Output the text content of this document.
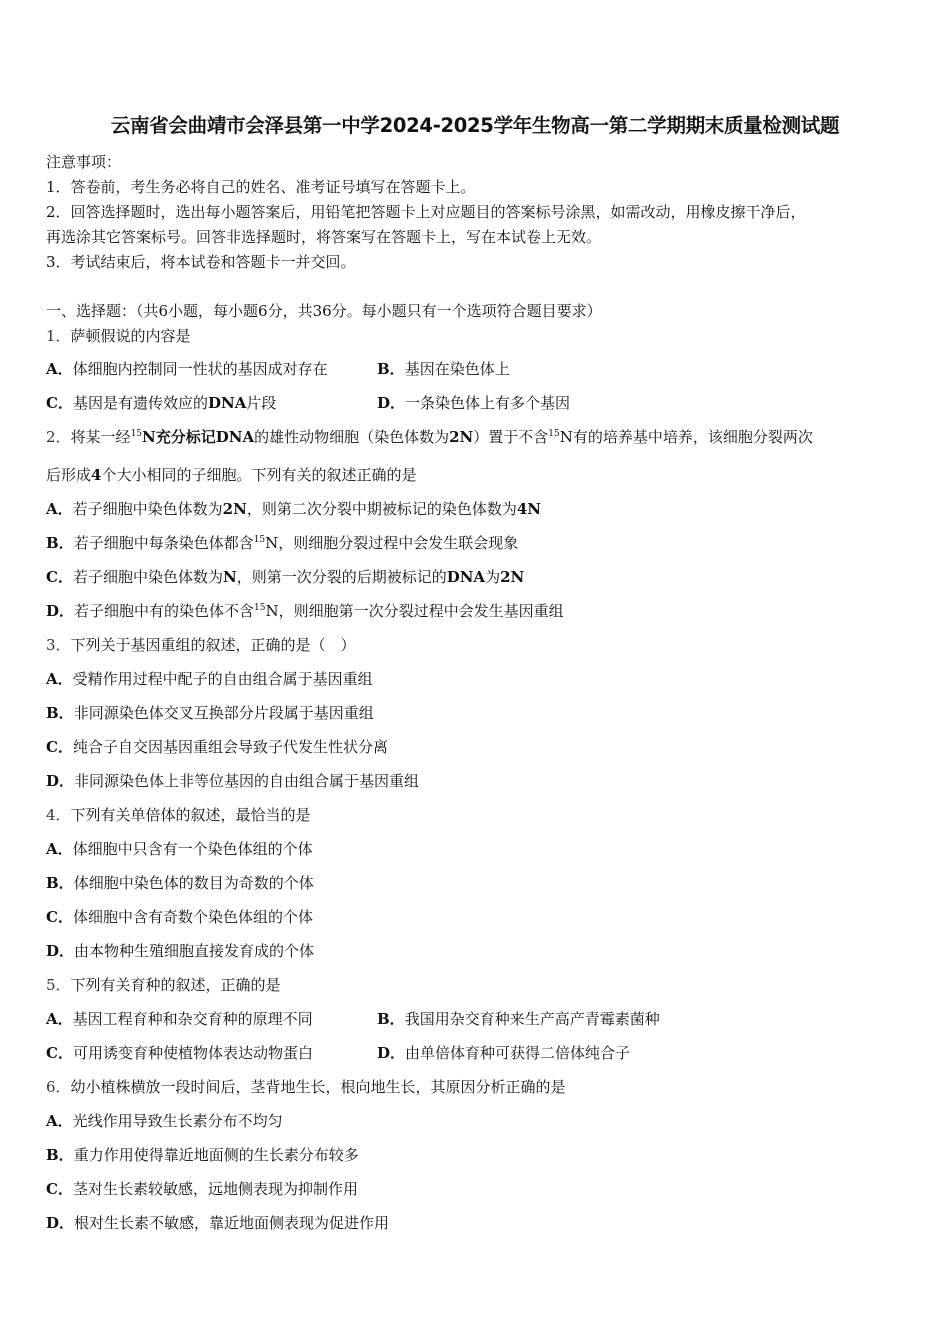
云南省会曲靖市会泽县第一中学2024-2025学年生物高一第二学期期末质量检测试题
注意事项：
1．答卷前，考生务必将自己的姓名、准考证号填写在答题卡上。
2．回答选择题时，选出每小题答案后，用铅笔把答题卡上对应题目的答案标号涂黑，如需改动，用橡皮擦干净后，
再选涂其它答案标号。回答非选择题时，将答案写在答题卡上，写在本试卷上无效。
3．考试结束后，将本试卷和答题卡一并交回。
一、选择题：（共6小题，每小题6分，共36分。每小题只有一个选项符合题目要求）
1．萨顿假说的内容是
A．体细胞内控制同一性状的基因成对存在	B．基因在染色体上
C．基因是有遗传效应的DNA片段	D．一条染色体上有多个基因
2．将某一经$^{15}$N充分标记DNA的雄性动物细胞（染色体数为2N）置于不含$^{15}$N有的培养基中培养，该细胞分裂两次
后形成4个大小相同的子细胞。下列有关的叙述正确的是
A．若子细胞中染色体数为2N，则第二次分裂中期被标记的染色体数为4N
B．若子细胞中每条染色体都含$^{15}$N，则细胞分裂过程中会发生联会现象
C．若子细胞中染色体数为N，则第一次分裂的后期被标记的DNA为2N
D．若子细胞中有的染色体不含$^{15}$N，则细胞第一次分裂过程中会发生基因重组
3．下列关于基因重组的叙述，正确的是（　）
A．受精作用过程中配子的自由组合属于基因重组
B．非同源染色体交叉互换部分片段属于基因重组
C．纯合子自交因基因重组会导致子代发生性状分离
D．非同源染色体上非等位基因的自由组合属于基因重组
4．下列有关单倍体的叙述，最恰当的是
A．体细胞中只含有一个染色体组的个体
B．体细胞中染色体的数目为奇数的个体
C．体细胞中含有奇数个染色体组的个体
D．由本物种生殖细胞直接发育成的个体
5．下列有关育种的叙述，正确的是
A．基因工程育种和杂交育种的原理不同	B．我国用杂交育种来生产高产青霉素菌种
C．可用诱变育种使植物体表达动物蛋白	D．由单倍体育种可获得二倍体纯合子
6．幼小植株横放一段时间后，茎背地生长，根向地生长，其原因分析正确的是
A．光线作用导致生长素分布不均匀
B．重力作用使得靠近地面侧的生长素分布较多
C．茎对生长素较敏感，远地侧表现为抑制作用
D．根对生长素不敏感，靠近地面侧表现为促进作用
